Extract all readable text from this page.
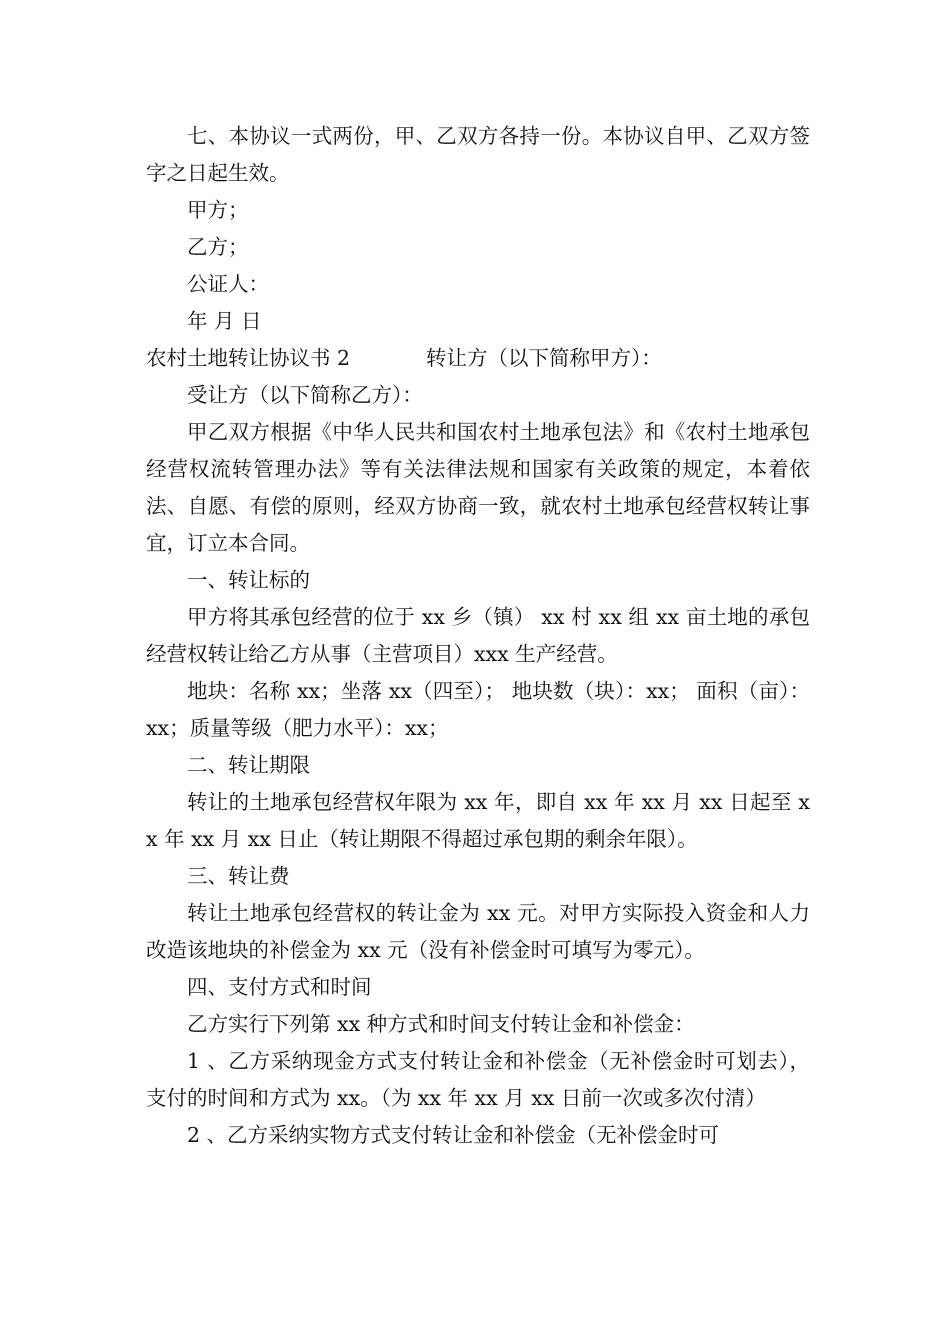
七、本协议一式两份，甲、乙双方各持一份。本协议自甲、乙双方签字之日起生效。

甲方；

乙方；

公证人：

年 月 日

农村土地转让协议书 2	转让方（以下简称甲方）：

受让方（以下简称乙方）：

甲乙双方根据《中华人民共和国农村土地承包法》和《农村土地承包经营权流转管理办法》等有关法律法规和国家有关政策的规定，本着依法、自愿、有偿的原则，经双方协商一致，就农村土地承包经营权转让事宜，订立本合同。

一、转让标的

甲方将其承包经营的位于 xx 乡（镇） xx 村 xx 组 xx 亩土地的承包经营权转让给乙方从事（主营项目）xxx 生产经营。

地块：名称 xx；坐落 xx（四至）； 地块数（块）：xx； 面积（亩）：xx；质量等级（肥力水平）：xx；

二、转让期限

转让的土地承包经营权年限为 xx 年，即自 xx 年 xx 月 xx 日起至 xx 年 xx 月 xx 日止（转让期限不得超过承包期的剩余年限）。

三、转让费

转让土地承包经营权的转让金为 xx 元。对甲方实际投入资金和人力改造该地块的补偿金为 xx 元（没有补偿金时可填写为零元）。

四、支付方式和时间

乙方实行下列第 xx 种方式和时间支付转让金和补偿金：

1 、乙方采纳现金方式支付转让金和补偿金（无补偿金时可划去），支付的时间和方式为 xx。（为 xx 年 xx 月 xx 日前一次或多次付清）

2 、乙方采纳实物方式支付转让金和补偿金（无补偿金时可
